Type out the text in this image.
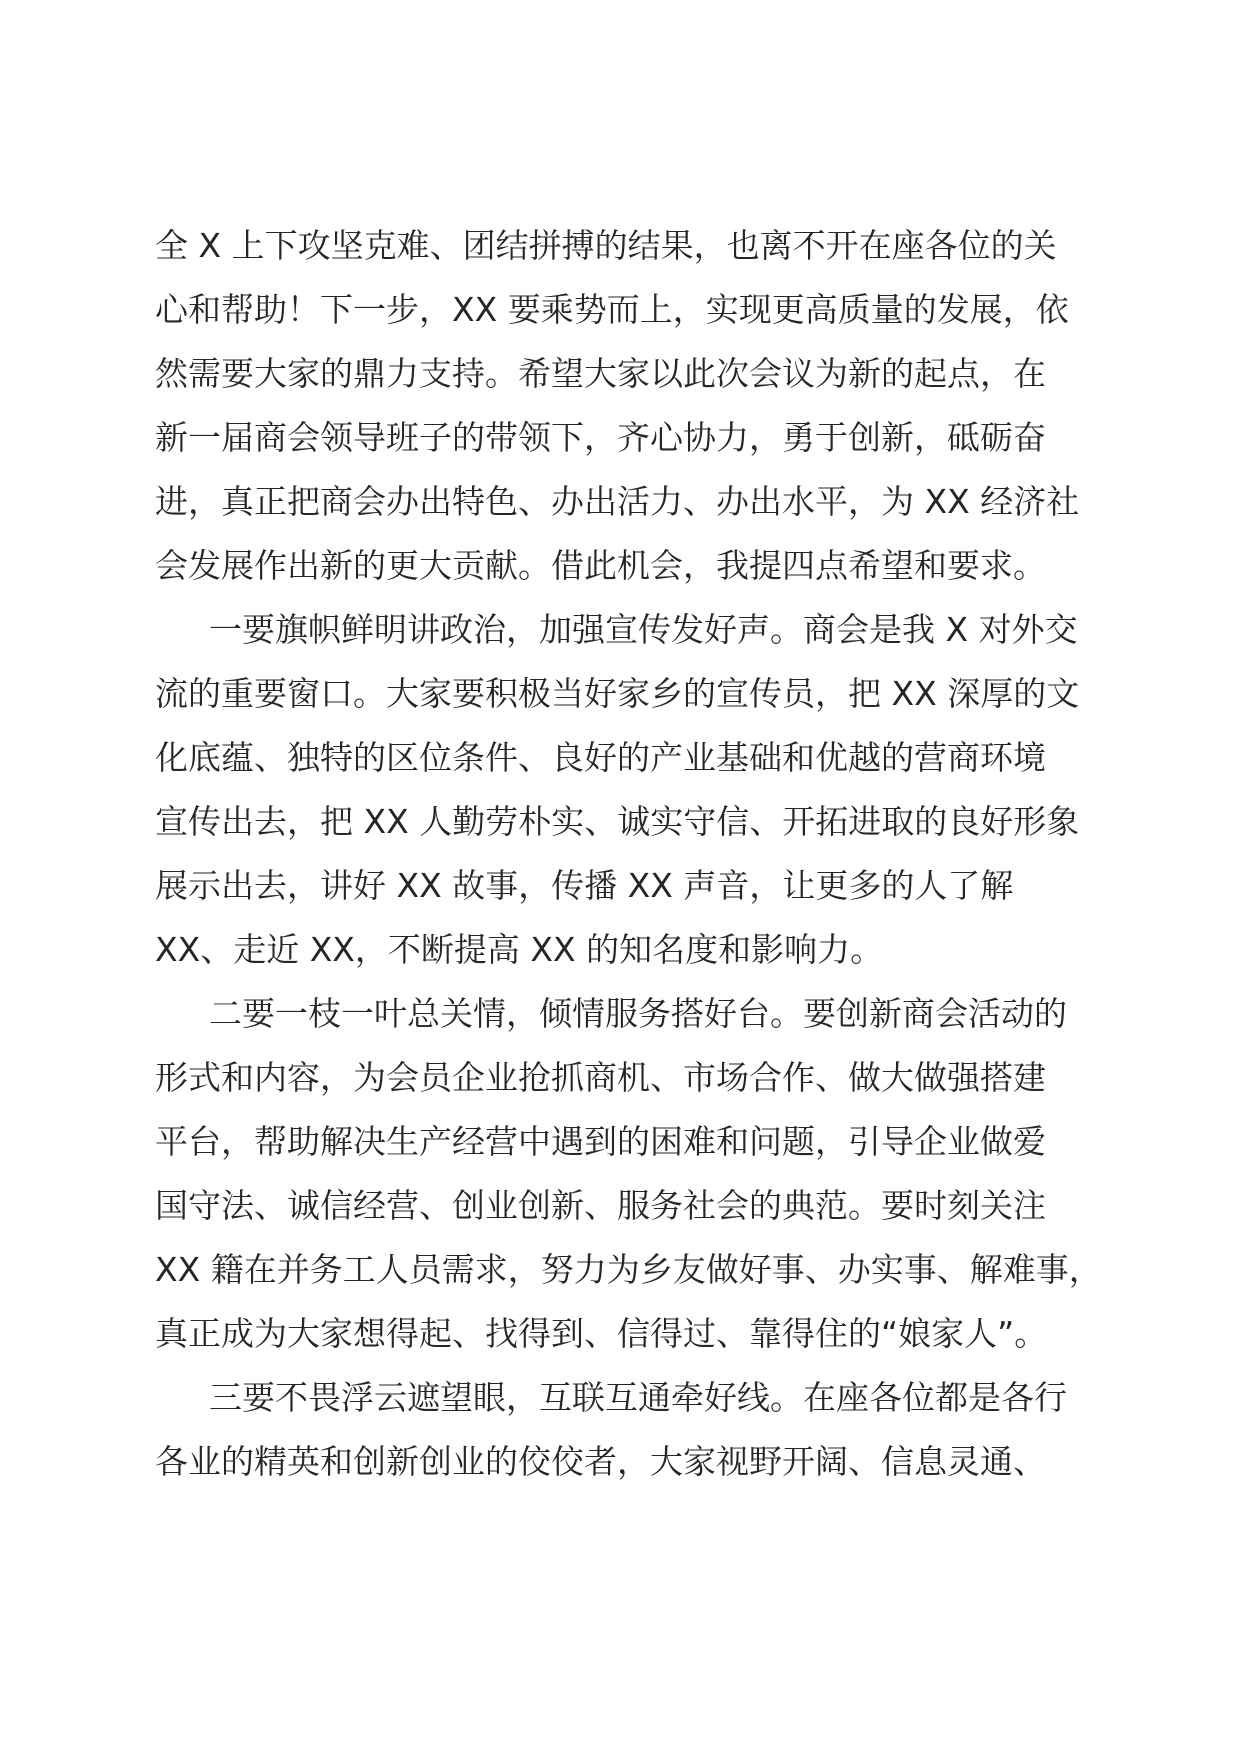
全 X 上下攻坚克难、团结拼搏的结果，也离不开在座各位的关
心和帮助！下一步，XX 要乘势而上，实现更高质量的发展，依
然需要大家的鼎力支持。希望大家以此次会议为新的起点，在
新一届商会领导班子的带领下，齐心协力，勇于创新，砥砺奋
进，真正把商会办出特色、办出活力、办出水平，为 XX 经济社
会发展作出新的更大贡献。借此机会，我提四点希望和要求。
一要旗帜鲜明讲政治，加强宣传发好声。商会是我 X 对外交
流的重要窗口。大家要积极当好家乡的宣传员，把 XX 深厚的文
化底蕴、独特的区位条件、良好的产业基础和优越的营商环境
宣传出去，把 XX 人勤劳朴实、诚实守信、开拓进取的良好形象
展示出去，讲好 XX 故事，传播 XX 声音，让更多的人了解
XX、走近 XX，不断提高 XX 的知名度和影响力。
二要一枝一叶总关情，倾情服务搭好台。要创新商会活动的
形式和内容，为会员企业抢抓商机、市场合作、做大做强搭建
平台，帮助解决生产经营中遇到的困难和问题，引导企业做爱
国守法、诚信经营、创业创新、服务社会的典范。要时刻关注
XX 籍在并务工人员需求，努力为乡友做好事、办实事、解难事，
真正成为大家想得起、找得到、信得过、靠得住的“娘家人”。
三要不畏浮云遮望眼，互联互通牵好线。在座各位都是各行
各业的精英和创新创业的佼佼者，大家视野开阔、信息灵通、
